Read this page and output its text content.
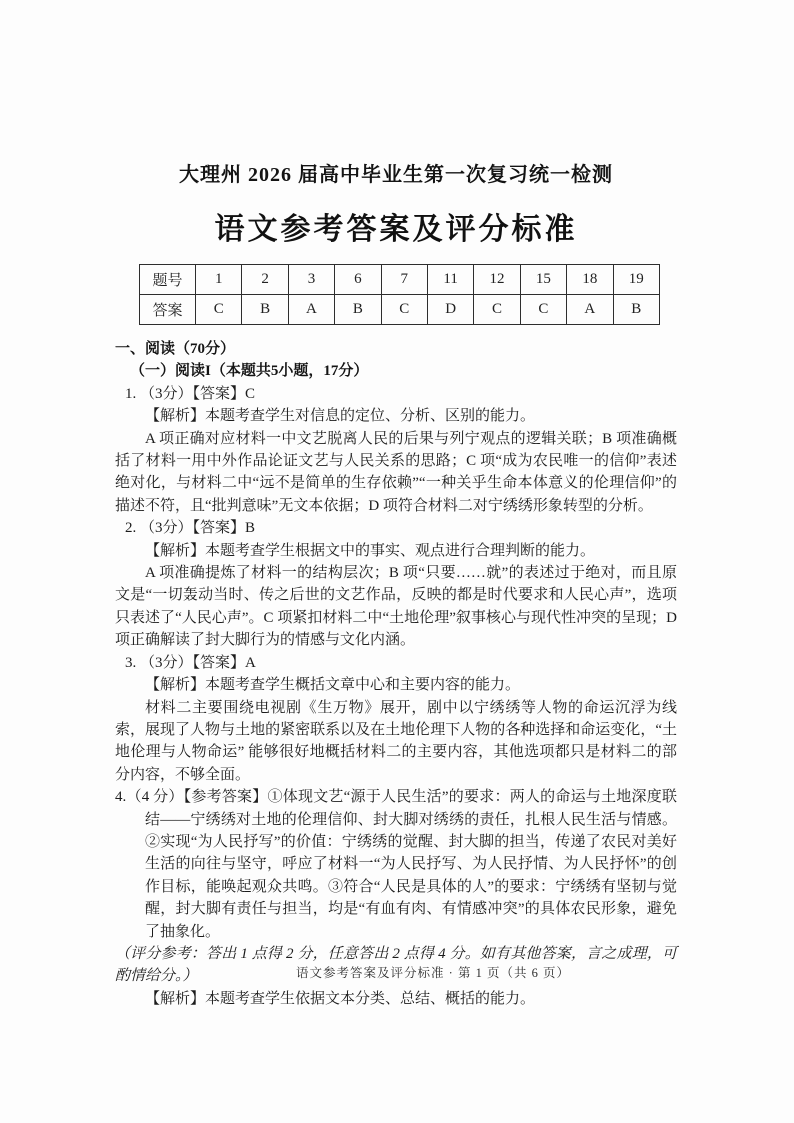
大理州 2026 届高中毕业生第一次复习统一检测
语文参考答案及评分标准
题号	1	2	3	6	7	11	12	15	18	19
答案	C	B	A	B	C	D	C	C	A	B

一、阅读（70分）

（一）阅读I（本题共5小题，17分）

1. （3分）【答案】C

【解析】本题考查学生对信息的定位、分析、区别的能力。

A 项正确对应材料一中文艺脱离人民的后果与列宁观点的逻辑关联；B 项准确概括了材料一用中外作品论证文艺与人民关系的思路；C 项“成为农民唯一的信仰”表述绝对化，与材料二中“远不是简单的生存依赖”“一种关乎生命本体意义的伦理信仰”的描述不符，且“批判意味”无文本依据；D 项符合材料二对宁绣绣形象转型的分析。

2. （3分）【答案】B

【解析】本题考查学生根据文中的事实、观点进行合理判断的能力。

A 项准确提炼了材料一的结构层次；B 项“只要……就”的表述过于绝对，而且原文是“一切轰动当时、传之后世的文艺作品，反映的都是时代要求和人民心声”，选项只表述了“人民心声”。C 项紧扣材料二中“土地伦理”叙事核心与现代性冲突的呈现；D 项正确解读了封大脚行为的情感与文化内涵。

3. （3分）【答案】A

【解析】本题考查学生概括文章中心和主要内容的能力。

材料二主要围绕电视剧《生万物》展开，剧中以宁绣绣等人物的命运沉浮为线索，展现了人物与土地的紧密联系以及在土地伦理下人物的各种选择和命运变化，“土地伦理与人物命运” 能够很好地概括材料二的主要内容，其他选项都只是材料二的部分内容，不够全面。

4.（4 分）【参考答案】①体现文艺“源于人民生活”的要求：两人的命运与土地深度联结——宁绣绣对土地的伦理信仰、封大脚对绣绣的责任，扎根人民生活与情感。②实现“为人民抒写”的价值：宁绣绣的觉醒、封大脚的担当，传递了农民对美好生活的向往与坚守，呼应了材料一“为人民抒写、为人民抒情、为人民抒怀”的创作目标，能唤起观众共鸣。③符合“人民是具体的人”的要求：宁绣绣有坚韧与觉醒，封大脚有责任与担当，均是“有血有肉、有情感冲突”的具体农民形象，避免了抽象化。

（评分参考：答出 1 点得 2 分，任意答出 2 点得 4 分。如有其他答案，言之成理，可酌情给分。）

【解析】本题考查学生依据文本分类、总结、概括的能力。

语文参考答案及评分标准 · 第 1 页（共 6 页）
